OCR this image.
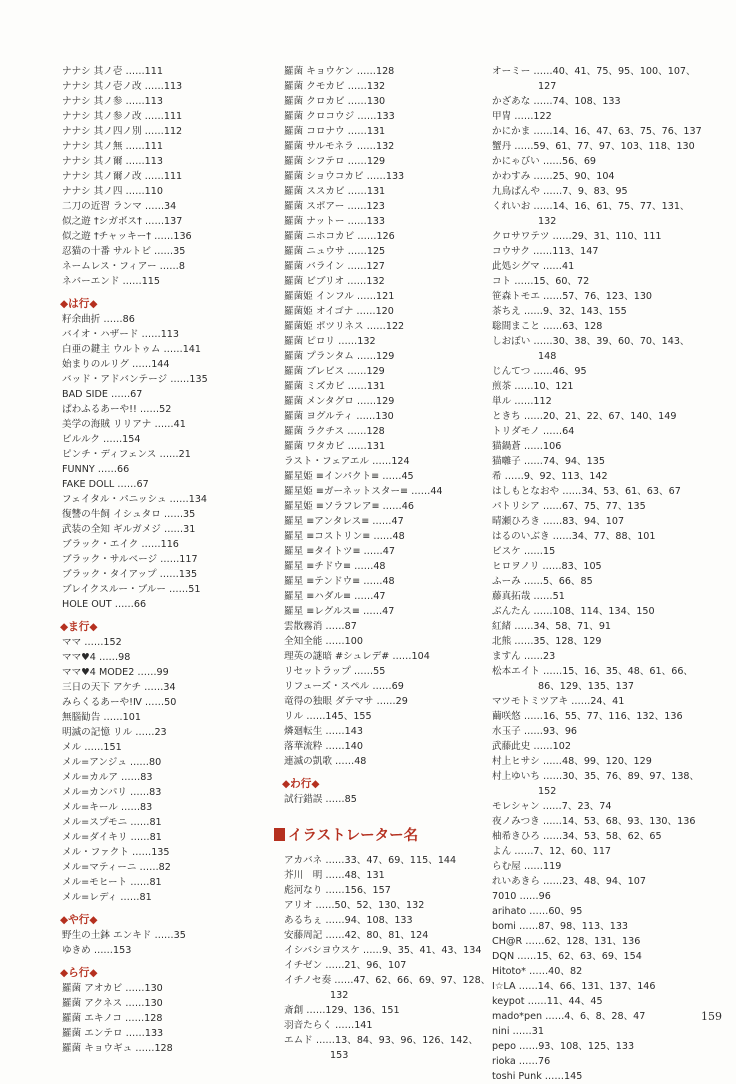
ナナシ 其ノ壱 ……111
ナナシ 其ノ壱ノ改 ……113
ナナシ 其ノ参 ……113
ナナシ 其ノ参ノ改 ……111
ナナシ 其ノ四ノ別 ……112
ナナシ 其ノ無 ……111
ナナシ 其ノ爾 ……113
ナナシ 其ノ爾ノ改 ……111
ナナシ 其ノ四 ……110
二刀の近習 ランマ ……34
似之遊 †シガボス† ……137
似之遊 †チャッキー† ……136
忍猫の十番 サルトビ ……35
ネームレス・フィアー ……8
ネバーエンド ……115
◆は行◆
籽余曲折 ……86
バイオ・ハザード ……113
白亜の鍵主 ウルトゥム ……141
始まりのルリグ ……144
バッド・アドバンテージ ……135
BAD SIDE ……67
ぱわふるあーや!! ……52
美学の海賊 リリアナ ……41
ビルルク ……154
ピンチ・ディフェンス ……21
FUNNY ……66
FAKE DOLL ……67
フェイタル・パニッシュ ……134
復讐の牛飼 イシュタロ ……35
武装の全知 ギルガメジ ……31
ブラック・エイク ……116
ブラック・サルベージ ……117
ブラック・タイアップ ……135
ブレイクスルー・ブルー ……51
HOLE OUT ……66
◆ま行◆
ママ ……152
ママ♥4 ……98
ママ♥4 MODE2 ……99
三日の天下 アケチ ……34
みらくるあーや!Ⅳ ……50
無腦勧告 ……101
明滅の記憶 リル ……23
メル ……151
メル=アンジュ ……80
メル=カルア ……83
メル=カンパリ ……83
メル=キール ……83
メル=スプモニ ……81
メル=ダイキリ ……81
メル・ファクト ……135
メル=マティーニ ……82
メル=モヒート ……81
メル=レディ ……81
◆や行◆
野生の土鉢 エンキド ……35
ゆきめ ……153
◆ら行◆
羅菌 アオカビ ……130
羅菌 アクネス ……130
羅菌 エキノコ ……128
羅菌 エンテロ ……133
羅菌 キョウギュ ……128
羅菌 キョウケン ……128
羅菌 クモカビ ……132
羅菌 クロカビ ……130
羅菌 クロコウジ ……133
羅菌 コロナウ ……131
羅菌 サルモネラ ……132
羅菌 シフテロ ……129
羅菌 ショウコカビ ……133
羅菌 ススカビ ……131
羅菌 スポアー ……123
羅菌 ナットー ……133
羅菌 ニホコカビ ……126
羅菌 ニュウサ ……125
羅菌 バライン ……127
羅菌 ビブリオ ……132
羅菌姫 インフル ……121
羅菌姫 オイゴナ ……120
羅菌姫 ポツリネス ……122
羅菌 ピロリ ……132
羅菌 プランタム ……129
羅菌 ブレビス ……129
羅菌 ミズカビ ……131
羅菌 メンタグロ ……129
羅菌 ヨグルティ ……130
羅菌 ラクチス ……128
羅菌 ワタカビ ……131
ラスト・フェアエル ……124
羅星姫 ≡インパクト≡ ……45
羅星姫 ≡ガーネットスター≡ ……44
羅星姫 ≡ソラフレア≡ ……46
羅星 ≡アンタレス≡ ……47
羅星 ≡コストリン≡ ……48
羅星 ≡タイトツ≡ ……47
羅星 ≡チドウ≡ ……48
羅星 ≡テンドウ≡ ……48
羅星 ≡ハダル≡ ……47
羅星 ≡レグルス≡ ……47
雲散霧消 ……87
全知全能 ……100
理英の謎暗 #シュレデ# ……104
リセットラップ ……55
リフューズ・スペル ……69
竜得の独眼 ダテマサ ……29
リル ……145、155
燐廻転生 ……143
落華流粋 ……140
連滅の凱歌 ……48
◆わ行◆
試行錯誤 ……85
イラストレーター名
アカバネ ……33、47、69、115、144
芥川　明 ……48、131
彪河なり ……156、157
アリオ ……50、52、130、132
あるちぇ ……94、108、133
安藤周記 ……42、80、81、124
イシバシヨウスケ ……9、35、41、43、134
イチゼン ……21、96、107
イチノセ奏 ……47、62、66、69、97、128、
132
斎創 ……129、136、151
羽音たらく ……141
エムド ……13、84、93、96、126、142、
153
オーミー ……40、41、75、95、100、107、
127
かざあな ……74、108、133
甲冑 ……122
かにかま ……14、16、47、63、75、76、137
蟹丹 ……59、61、77、97、103、118、130
かにゃびい ……56、69
かわすみ ……25、90、104
九鳥ぱんや ……7、9、83、95
くれいお ……14、16、61、75、77、131、
132
クロサワテツ ……29、31、110、111
コウサク ……113、147
此処シグマ ……41
コト ……15、60、72
笹森トモエ ……57、76、123、130
茶ちえ ……9、32、143、155
聡間まこと ……63、128
しおぼい ……30、38、39、60、70、143、
148
じんてつ ……46、95
煎茶 ……10、121
単ル ……112
ときち ……20、21、22、67、140、149
トリダモノ ……64
猫鍋蒼 ……106
猫囃子 ……74、94、135
希 ……9、92、113、142
はしもとなおや ……34、53、61、63、67
パトリシア ……67、75、77、135
晴瀬ひろき ……83、94、107
はるのいぶき ……34、77、88、101
ビスケ ……15
ヒロヲノリ ……83、105
ふーみ ……5、66、85
藤真拓哉 ……51
ぶんたん ……108、114、134、150
紅緒 ……34、58、71、91
北熊 ……35、128、129
ますん ……23
松本エイト ……15、16、35、48、61、66、
86、129、135、137
マツモトミツアキ ……24、41
繭咲悠 ……16、55、77、116、132、136
水玉子 ……93、96
武藤此史 ……102
村上ヒサシ ……48、99、120、129
村上ゆいち ……30、35、76、89、97、138、
152
モレシャン ……7、23、74
夜ノみつき ……14、53、68、93、130、136
柚希きひろ ……34、53、58、62、65
よん ……7、12、60、117
らむ屋 ……119
れいあきら ……23、48、94、107
7010 ……96
arihato ……60、95
bomi ……87、98、113、133
CH@R ……62、128、131、136
DQN ……15、62、63、69、154
Hitoto* ……40、82
I☆LA ……14、66、131、137、146
keypot ……11、44、45
mado*pen ……4、6、8、28、47
nini ……31
pepo ……93、108、125、133
rioka ……76
toshi Punk ……145
159
